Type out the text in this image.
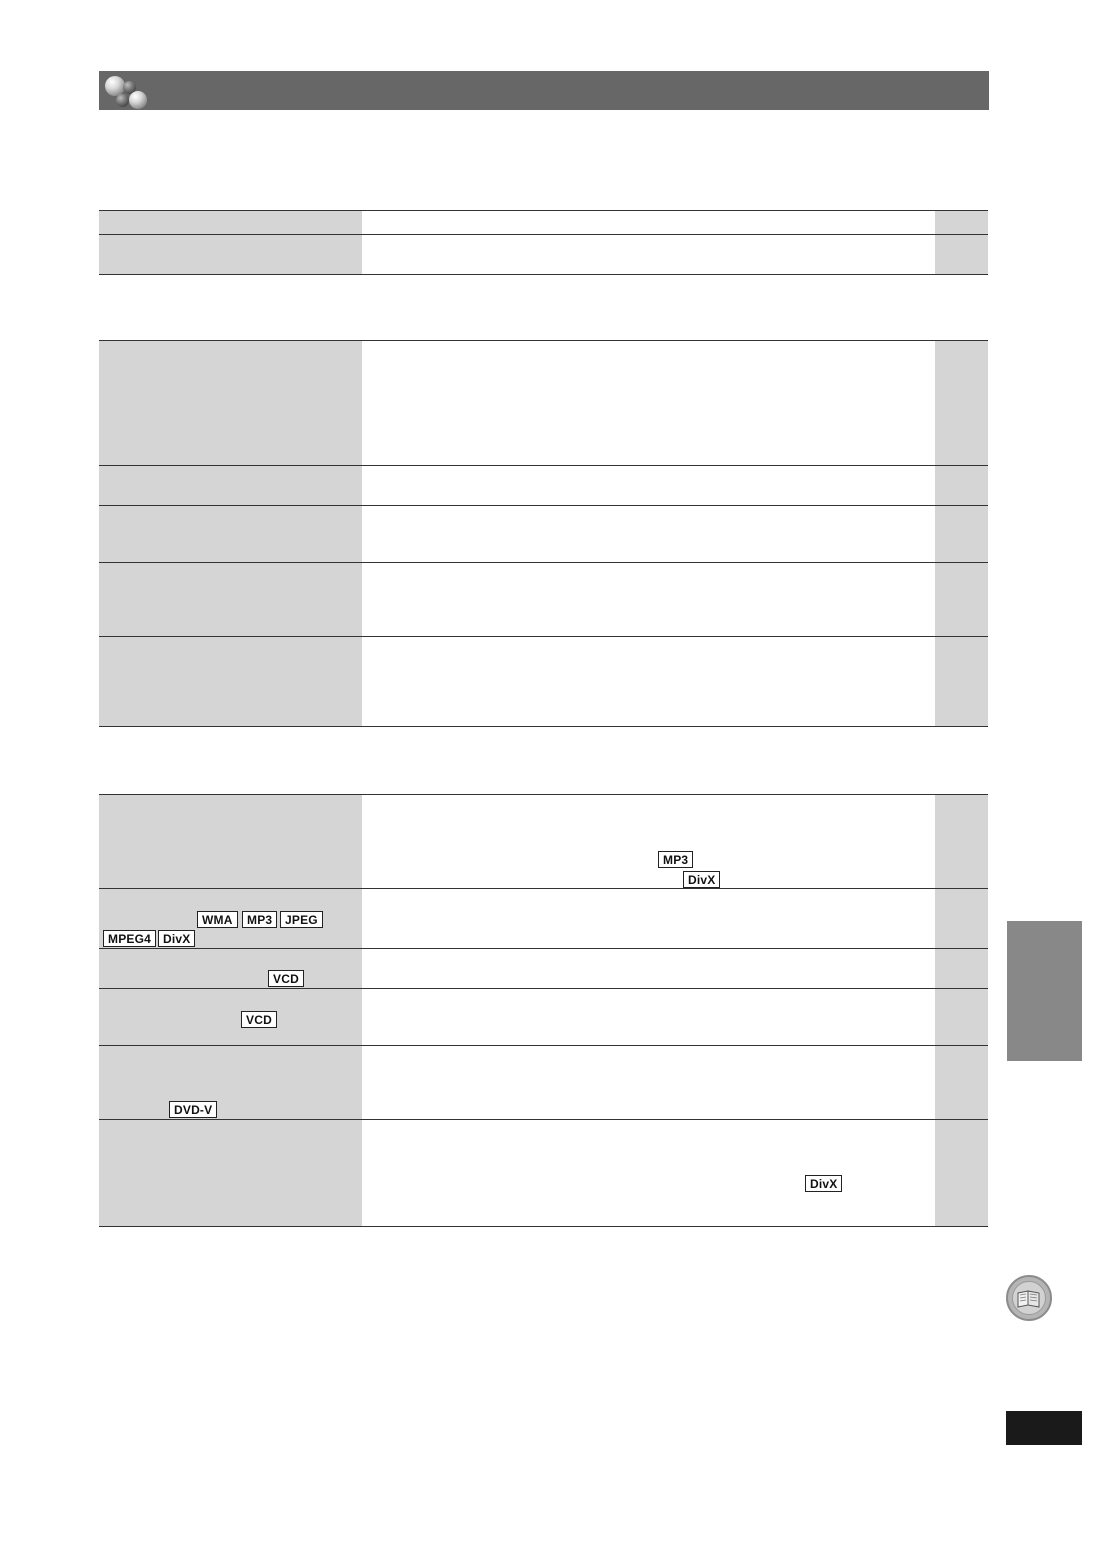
	MP3
DivX	

WMA MP3 JPEG
MPEG4 DivX		

VCD		

VCD		

DVD-V		

	DivX	
